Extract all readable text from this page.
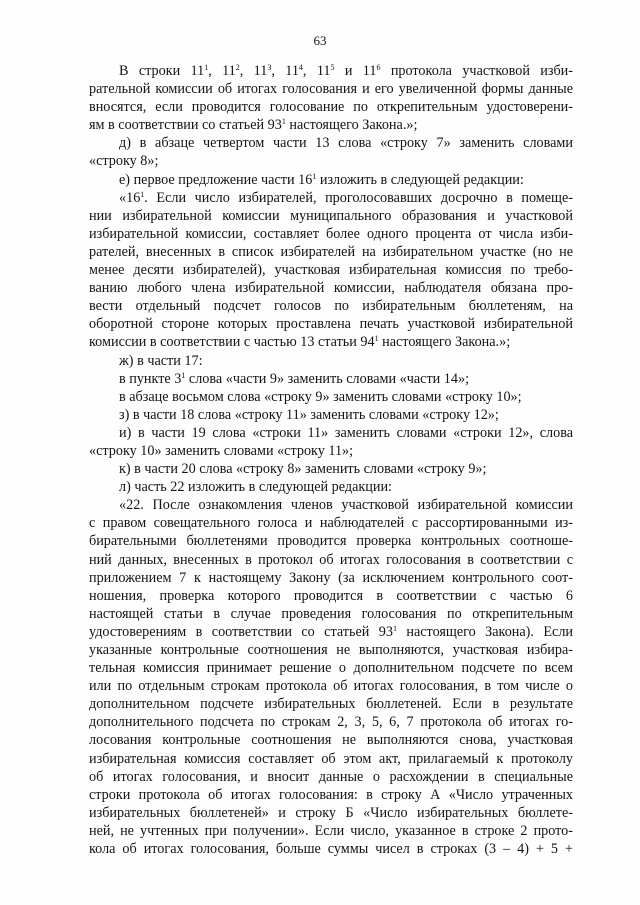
63
В строки $11^1$, $11^2$, $11^3$, $11^4$, $11^5$ и $11^6$ протокола участковой изби-
рательной комиссии об итогах голосования и его увеличенной формы данные
вносятся, если проводится голосование по открепительным удостоверени-
ям в соответствии со статьей $93^1$ настоящего Закона.»;
д) в абзаце четвертом части 13 слова «строку 7» заменить словами
«строку 8»;
е) первое предложение части $16^1$ изложить в следующей редакции:
«$16^1$. Если число избирателей, проголосовавших досрочно в помеще-
нии избирательной комиссии муниципального образования и участковой
избирательной комиссии, составляет более одного процента от числа изби-
рателей, внесенных в список избирателей на избирательном участке (но не
менее десяти избирателей), участковая избирательная комиссия по требо-
ванию любого члена избирательной комиссии, наблюдателя обязана про-
вести отдельный подсчет голосов по избирательным бюллетеням, на
оборотной стороне которых проставлена печать участковой избирательной
комиссии в соответствии с частью 13 статьи $94^1$ настоящего Закона.»;
ж) в части 17:
в пункте $3^1$ слова «части 9» заменить словами «части 14»;
в абзаце восьмом слова «строку 9» заменить словами «строку 10»;
з) в части 18 слова «строку 11» заменить словами «строку 12»;
и) в части 19 слова «строки 11» заменить словами «строки 12», слова
«строку 10» заменить словами «строку 11»;
к) в части 20 слова «строку 8» заменить словами «строку 9»;
л) часть 22 изложить в следующей редакции:
«22. После ознакомления членов участковой избирательной комиссии
с правом совещательного голоса и наблюдателей с рассортированными из-
бирательными бюллетенями проводится проверка контрольных соотноше-
ний данных, внесенных в протокол об итогах голосования в соответствии с
приложением 7 к настоящему Закону (за исключением контрольного соот-
ношения, проверка которого проводится в соответствии с частью 6
настоящей статьи в случае проведения голосования по открепительным
удостоверениям в соответствии со статьей $93^1$ настоящего Закона). Если
указанные контрольные соотношения не выполняются, участковая избира-
тельная комиссия принимает решение о дополнительном подсчете по всем
или по отдельным строкам протокола об итогах голосования, в том числе о
дополнительном подсчете избирательных бюллетеней. Если в результате
дополнительного подсчета по строкам 2, 3, 5, 6, 7 протокола об итогах го-
лосования контрольные соотношения не выполняются снова, участковая
избирательная комиссия составляет об этом акт, прилагаемый к протоколу
об итогах голосования, и вносит данные о расхождении в специальные
строки протокола об итогах голосования: в строку А «Число утраченных
избирательных бюллетеней» и строку Б «Число избирательных бюллете-
ней, не учтенных при получении». Если число, указанное в строке 2 прото-
кола об итогах голосования, больше суммы чисел в строках (3 – 4) + 5 +
